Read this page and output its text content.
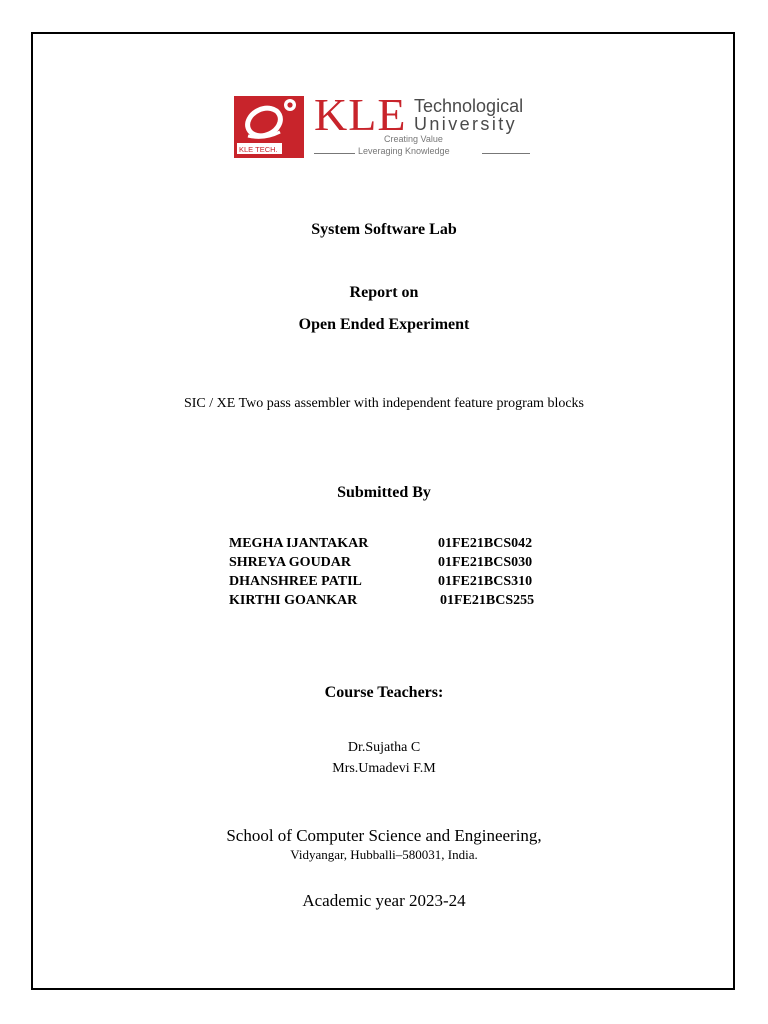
KLE TECH.
KLE Technological
University
Creating Value
Leveraging Knowledge
System Software Lab
Report on
Open Ended Experiment
SIC / XE Two pass assembler with independent feature program blocks
Submitted By
MEGHA IJANTAKAR	01FE21BCS042
SHREYA GOUDAR	01FE21BCS030
DHANSHREE PATIL	01FE21BCS310
KIRTHI GOANKAR	01FE21BCS255
Course Teachers:
Dr.Sujatha C
Mrs.Umadevi F.M
School of Computer Science and Engineering,
Vidyangar, Hubballi–580031, India.
Academic year 2023-24
